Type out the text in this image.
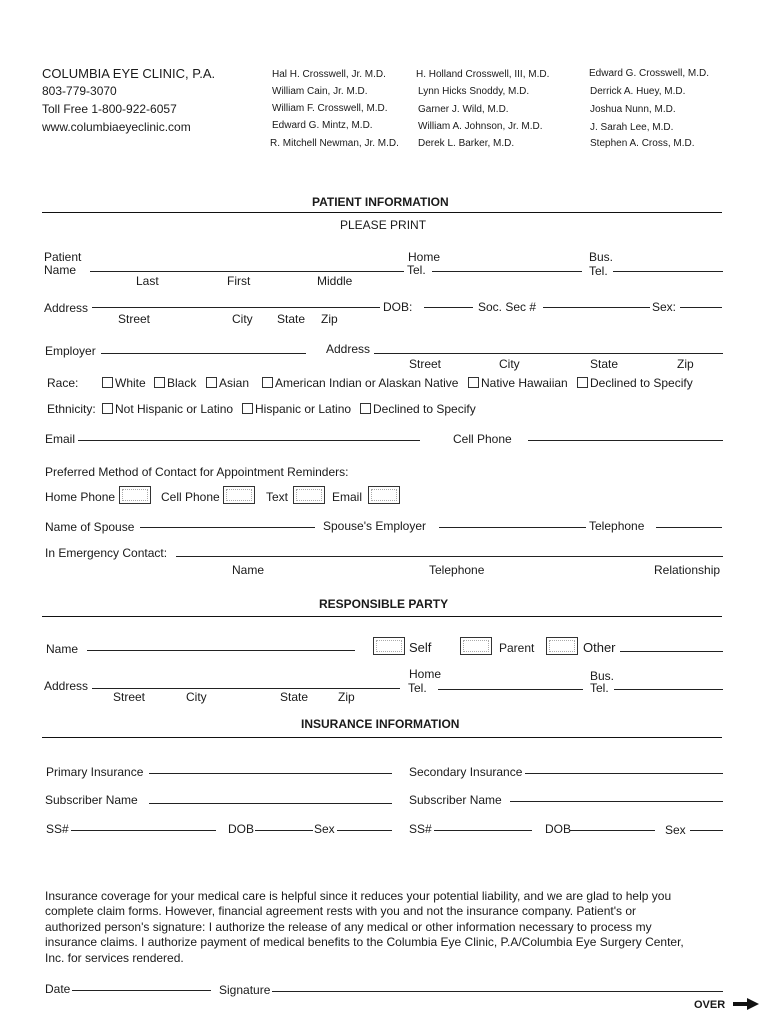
COLUMBIA EYE CLINIC, P.A.
803-779-3070
Toll Free 1-800-922-6057
www.columbiaeyeclinic.com
Hal H. Crosswell, Jr. M.D.
William Cain, Jr. M.D.
William F. Crosswell, M.D.
Edward G. Mintz, M.D.
R. Mitchell Newman, Jr. M.D.
H. Holland Crosswell, III, M.D.
Lynn Hicks Snoddy, M.D.
Garner J. Wild, M.D.
William A. Johnson, Jr. M.D.
Derek L. Barker, M.D.
Edward G. Crosswell, M.D.
Derrick A. Huey, M.D.
Joshua Nunn, M.D.
J. Sarah Lee, M.D.
Stephen A. Cross, M.D.
PATIENT INFORMATION
PLEASE PRINT
Patient
Name
Home
Tel.
Bus.
Tel.
Last	First	Middle
Address	DOB:	Soc. Sec #	Sex:
Street	City State Zip
Employer	Address
Street	City	State	Zip
Race:	White Black Asian American Indian or Alaskan Native Native Hawaiian Declined to Specify
Ethnicity: Not Hispanic or Latino Hispanic or Latino Declined to Specify
Email	Cell Phone
Preferred Method of Contact for Appointment Reminders:
Home Phone	Cell Phone	Text	Email
Name of Spouse	Spouse's Employer	Telephone
In Emergency Contact:
Name	Telephone	Relationship
RESPONSIBLE PARTY
Name	Self	Parent	Other
Home
Tel.
Bus.
Tel.
Address
Street	City	State Zip
INSURANCE INFORMATION
Primary Insurance	Secondary Insurance
Subscriber Name	Subscriber Name
SS#	DOB	Sex	SS#	DOB	Sex
Insurance coverage for your medical care is helpful since it reduces your potential liability, and we are glad to help you
complete claim forms. However, financial agreement rests with you and not the insurance company. Patient's or
authorized person's signature: I authorize the release of any medical or other information necessary to process my
insurance claims. I authorize payment of medical benefits to the Columbia Eye Clinic, P.A/Columbia Eye Surgery Center,
Inc. for services rendered.
Date	Signature
OVER
